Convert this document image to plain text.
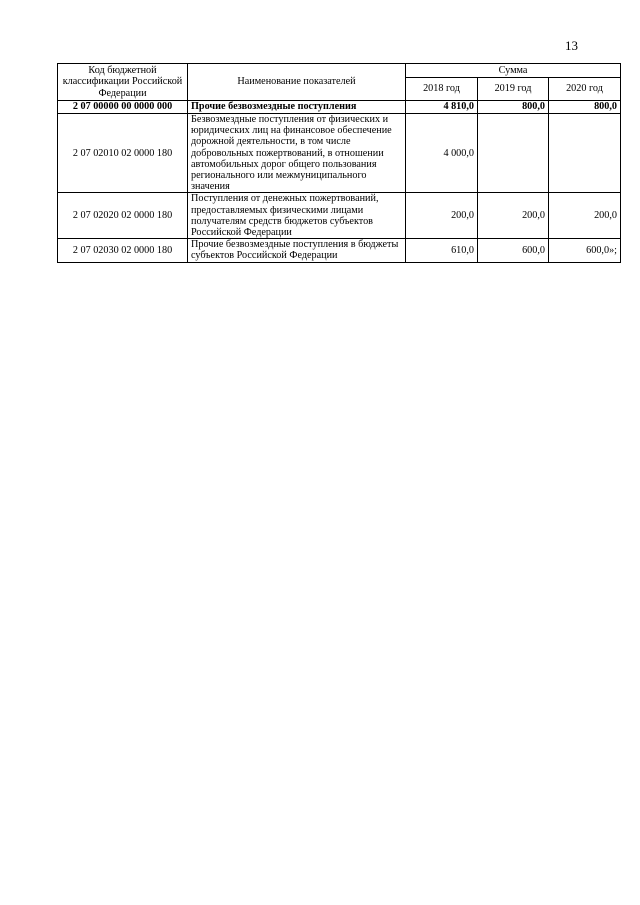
13
Код бюджетной классификации Российской Федерации	Наименование показателей	Сумма		
		2018 год	2019 год	2020 год
2 07 00000 00 0000 000	Прочие безвозмездные поступления	4 810,0	800,0	800,0
2 07 02010 02 0000 180	Безвозмездные поступления от физических и юридических лиц на финансовое обеспечение дорожной деятельности, в том числе добровольных пожертвований, в отношении автомобильных дорог общего пользования регионального или межмуниципального значения	4 000,0		
2 07 02020 02 0000 180	Поступления от денежных пожертвований, предоставляемых физическими лицами получателям средств бюджетов субъектов Российской Федерации	200,0	200,0	200,0
2 07 02030 02 0000 180	Прочие безвозмездные поступления в бюджеты субъектов Российской Федерации	610,0	600,0	600,0»;
